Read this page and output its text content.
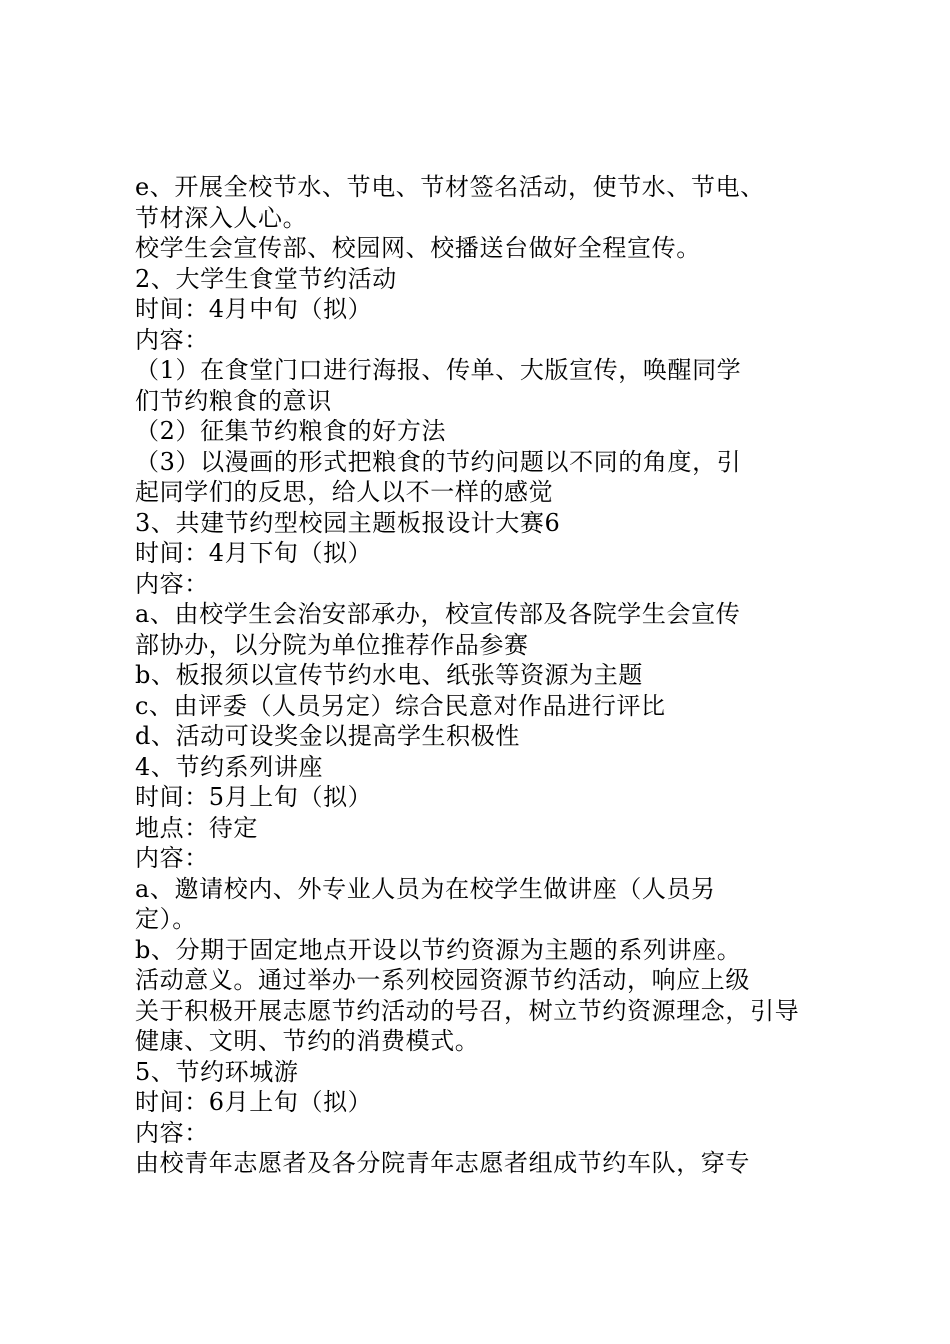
e、开展全校节水、节电、节材签名活动，使节水、节电、

节材深入人心。

校学生会宣传部、校园网、校播送台做好全程宣传。

2、大学生食堂节约活动

时间：4月中旬（拟）

内容：

（1）在食堂门口进行海报、传单、大版宣传，唤醒同学

们节约粮食的意识

（2）征集节约粮食的好方法

（3）以漫画的形式把粮食的节约问题以不同的角度，引

起同学们的反思，给人以不一样的感觉

3、共建节约型校园主题板报设计大赛6

时间：4月下旬（拟）

内容：

a、由校学生会治安部承办，校宣传部及各院学生会宣传

部协办，以分院为单位推荐作品参赛

b、板报须以宣传节约水电、纸张等资源为主题

c、由评委（人员另定）综合民意对作品进行评比

d、活动可设奖金以提高学生积极性

4、节约系列讲座

时间：5月上旬（拟）

地点：待定

内容：

a、邀请校内、外专业人员为在校学生做讲座（人员另

定）。

b、分期于固定地点开设以节约资源为主题的系列讲座。

活动意义。通过举办一系列校园资源节约活动，响应上级

关于积极开展志愿节约活动的号召，树立节约资源理念，引导

健康、文明、节约的消费模式。

5、节约环城游

时间：6月上旬（拟）

内容：

由校青年志愿者及各分院青年志愿者组成节约车队，穿专
